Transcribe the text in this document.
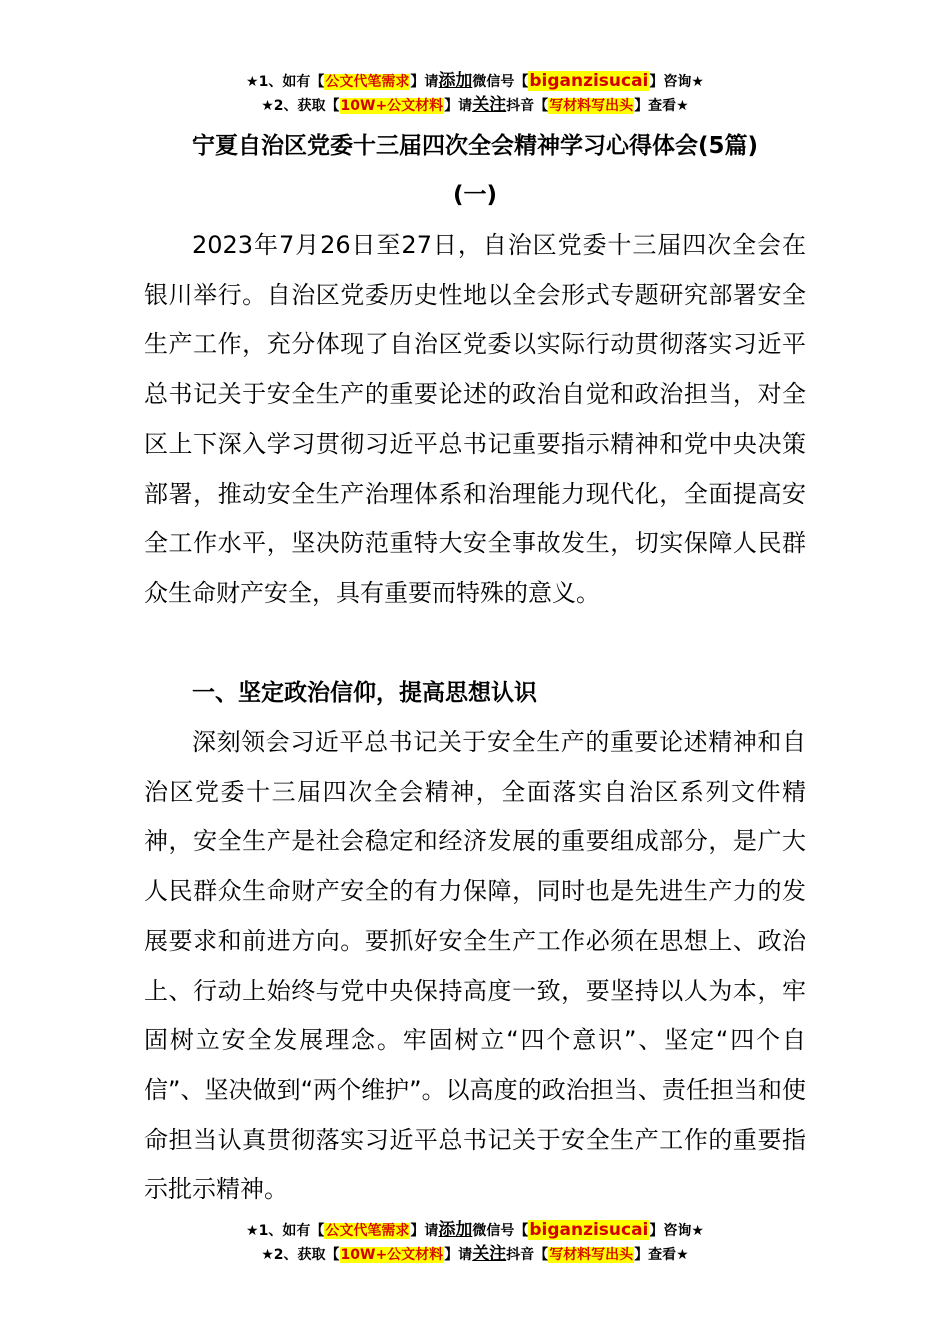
★1、如有【公文代笔需求】请添加微信号【biganzisucai】咨询★
★2、获取【10W+公文材料】请关注抖音【写材料写出头】查看★
宁夏自治区党委十三届四次全会精神学习心得体会(5篇)
(一)
2023年7月26日至27日，自治区党委十三届四次全会在银川举行。自治区党委历史性地以全会形式专题研究部署安全生产工作，充分体现了自治区党委以实际行动贯彻落实习近平总书记关于安全生产的重要论述的政治自觉和政治担当，对全区上下深入学习贯彻习近平总书记重要指示精神和党中央决策部署，推动安全生产治理体系和治理能力现代化，全面提高安全工作水平，坚决防范重特大安全事故发生，切实保障人民群众生命财产安全，具有重要而特殊的意义。
一、坚定政治信仰，提高思想认识
深刻领会习近平总书记关于安全生产的重要论述精神和自治区党委十三届四次全会精神，全面落实自治区系列文件精神，安全生产是社会稳定和经济发展的重要组成部分，是广大人民群众生命财产安全的有力保障，同时也是先进生产力的发展要求和前进方向。要抓好安全生产工作必须在思想上、政治上、行动上始终与党中央保持高度一致，要坚持以人为本，牢固树立安全发展理念。牢固树立“四个意识”、坚定“四个自信”、坚决做到“两个维护”。以高度的政治担当、责任担当和使命担当认真贯彻落实习近平总书记关于安全生产工作的重要指示批示精神。
★1、如有【公文代笔需求】请添加微信号【biganzisucai】咨询★
★2、获取【10W+公文材料】请关注抖音【写材料写出头】查看★
